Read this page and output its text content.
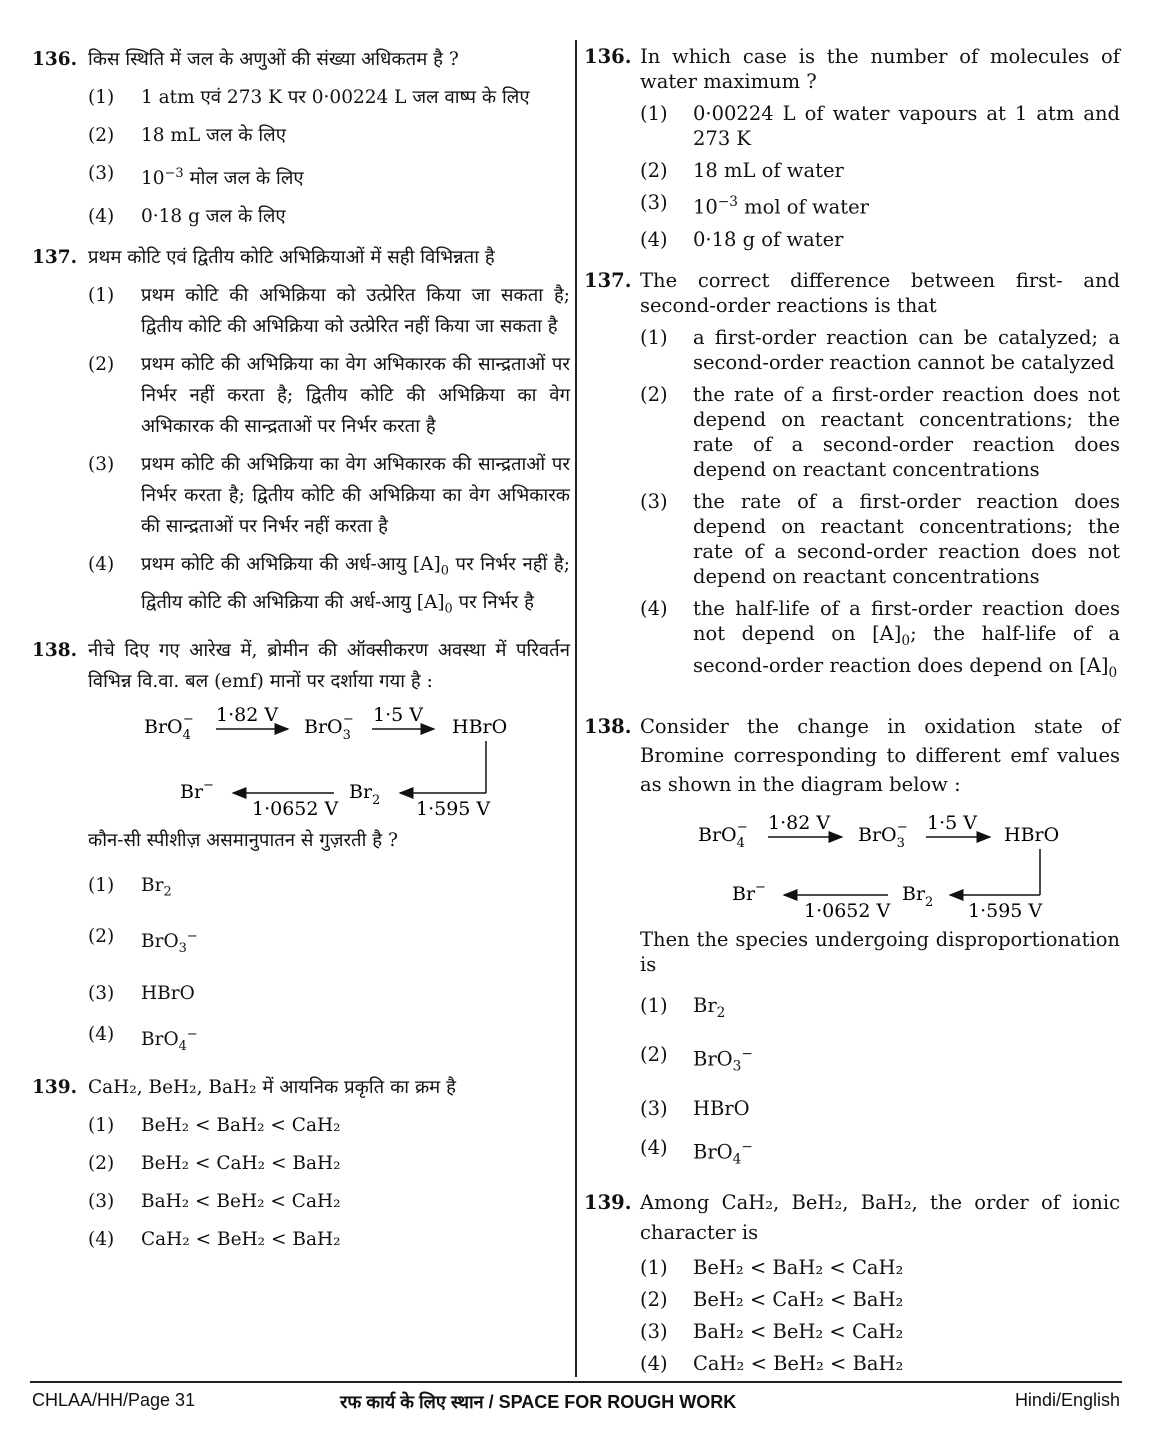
136. किस स्थिति में जल के अणुओं की संख्या अधिकतम है ?
(1)	1 atm एवं 273 K पर 0·00224 L जल वाष्प के लिए
(2)	18 mL जल के लिए
(3)	$10^{-3}$ मोल जल के लिए
(4)	0·18 g जल के लिए
137. प्रथम कोटि एवं द्वितीय कोटि अभिक्रियाओं में सही विभिन्नता है
(1)	प्रथम कोटि की अभिक्रिया को उत्प्रेरित किया जा सकता है; द्वितीय कोटि की अभिक्रिया को उत्प्रेरित नहीं किया जा सकता है
(2)	प्रथम कोटि की अभिक्रिया का वेग अभिकारक की सान्द्रताओं पर निर्भर नहीं करता है; द्वितीय कोटि की अभिक्रिया का वेग अभिकारक की सान्द्रताओं पर निर्भर करता है
(3)	प्रथम कोटि की अभिक्रिया का वेग अभिकारक की सान्द्रताओं पर निर्भर करता है; द्वितीय कोटि की अभिक्रिया का वेग अभिकारक की सान्द्रताओं पर निर्भर नहीं करता है
(4)	प्रथम कोटि की अभिक्रिया की अर्ध-आयु $[A]_0$ पर निर्भर नहीं है; द्वितीय कोटि की अभिक्रिया की अर्ध-आयु $[A]_0$ पर निर्भर है
138. नीचे दिए गए आरेख में, ब्रोमीन की ऑक्सीकरण अवस्था में परिवर्तन विभिन्न वि.वा. बल (emf) मानों पर दर्शाया गया है :
BrO$_4$− 1·82 V
BrO$_3$− 1·5 V
HBrO
1·595 V
$Br_2$
1·0652 V
Br−
कौन-सी स्पीशीज़ असमानुपातन से गुज़रती है ?
(1)	$Br_2$
(2)	BrO$_3$−
(3)	HBrO
(4)	BrO$_4$−
139. CaH₂, BeH₂, BaH₂ में आयनिक प्रकृति का क्रम है
(1)	BeH₂ < BaH₂ < CaH₂
(2)	BeH₂ < CaH₂ < BaH₂
(3)	BaH₂ < BeH₂ < CaH₂
(4)	CaH₂ < BeH₂ < BaH₂
136. In which case is the number of molecules of water maximum ?
(1)	0·00224 L of water vapours at 1 atm and 273 K
(2)	18 mL of water
(3)	$10^{-3}$ mol of water
(4)	0·18 g of water
137. The correct difference between first- and second-order reactions is that
(1)	a first-order reaction can be catalyzed; a second-order reaction cannot be catalyzed
(2)	the rate of a first-order reaction does not depend on reactant concentrations; the rate of a second-order reaction does depend on reactant concentrations
(3)	the rate of a first-order reaction does depend on reactant concentrations; the rate of a second-order reaction does not depend on reactant concentrations
(4)	the half-life of a first-order reaction does not depend on $[A]_0$; the half-life of a second-order reaction does depend on $[A]_0$
138. Consider the change in oxidation state of Bromine corresponding to different emf values as shown in the diagram below :
BrO$_4$− 1·82 V
BrO$_3$− 1·5 V
HBrO
1·595 V
$Br_2$
1·0652 V
Br−
Then the species undergoing disproportionation is
(1)	$Br_2$
(2)	BrO$_3$−
(3)	HBrO
(4)	BrO$_4$−
139. Among CaH₂, BeH₂, BaH₂, the order of ionic character is
(1)	BeH₂ < BaH₂ < CaH₂
(2)	BeH₂ < CaH₂ < BaH₂
(3)	BaH₂ < BeH₂ < CaH₂
(4)	CaH₂ < BeH₂ < BaH₂
CHLAA/HH/Page 31	रफ कार्य के लिए स्थान / SPACE FOR ROUGH WORK	Hindi/English
